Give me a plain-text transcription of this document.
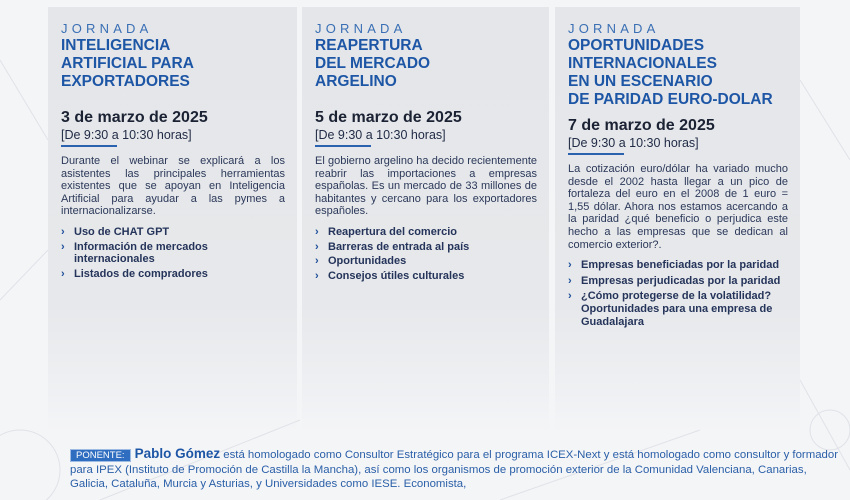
JORNADA
INTELIGENCIA
ARTIFICIAL PARA
EXPORTADORES
3 de marzo de 2025
[De 9:30 a 10:30 horas]
Durante el webinar se explicará a los asistentes las principales herramientas existentes que se apoyan en Inteligencia Artificial para ayudar a las pymes a internacionalizarse.
› Uso de CHAT GPT
› Información de mercados internacionales
› Listados de compradores
JORNADA
REAPERTURA
DEL MERCADO
ARGELINO
5 de marzo de 2025
[De 9:30 a 10:30 horas]
El gobierno argelino ha decido recientemente reabrir las importaciones a empresas españolas. Es un mercado de 33 millones de habitantes y cercano para los exportadores españoles.
› Reapertura del comercio
› Barreras de entrada al país
› Oportunidades
› Consejos útiles culturales
JORNADA
OPORTUNIDADES
INTERNACIONALES
EN UN ESCENARIO
DE PARIDAD EURO-DOLAR
7 de marzo de 2025
[De 9:30 a 10:30 horas]
La cotización euro/dólar ha variado mucho desde el 2002 hasta llegar a un pico de fortaleza del euro en el 2008 de 1 euro = 1,55 dólar. Ahora nos estamos acercando a la paridad ¿qué beneficio o perjudica este hecho a las empresas que se dedican al comercio exterior?.
› Empresas beneficiadas por la paridad
› Empresas perjudicadas por la paridad
› ¿Cómo protegerse de la volatilidad? Oportunidades para una empresa de Guadalajara
PONENTE: Pablo Gómez está homologado como Consultor Estratégico para el programa ICEX-Next y está homologado como consultor y formador para IPEX (Instituto de Promoción de Castilla la Mancha), así como los organismos de promoción exterior de la Comunidad Valenciana, Canarias, Galicia, Cataluña, Murcia y Asturias, y Universidades como IESE. Economista,
